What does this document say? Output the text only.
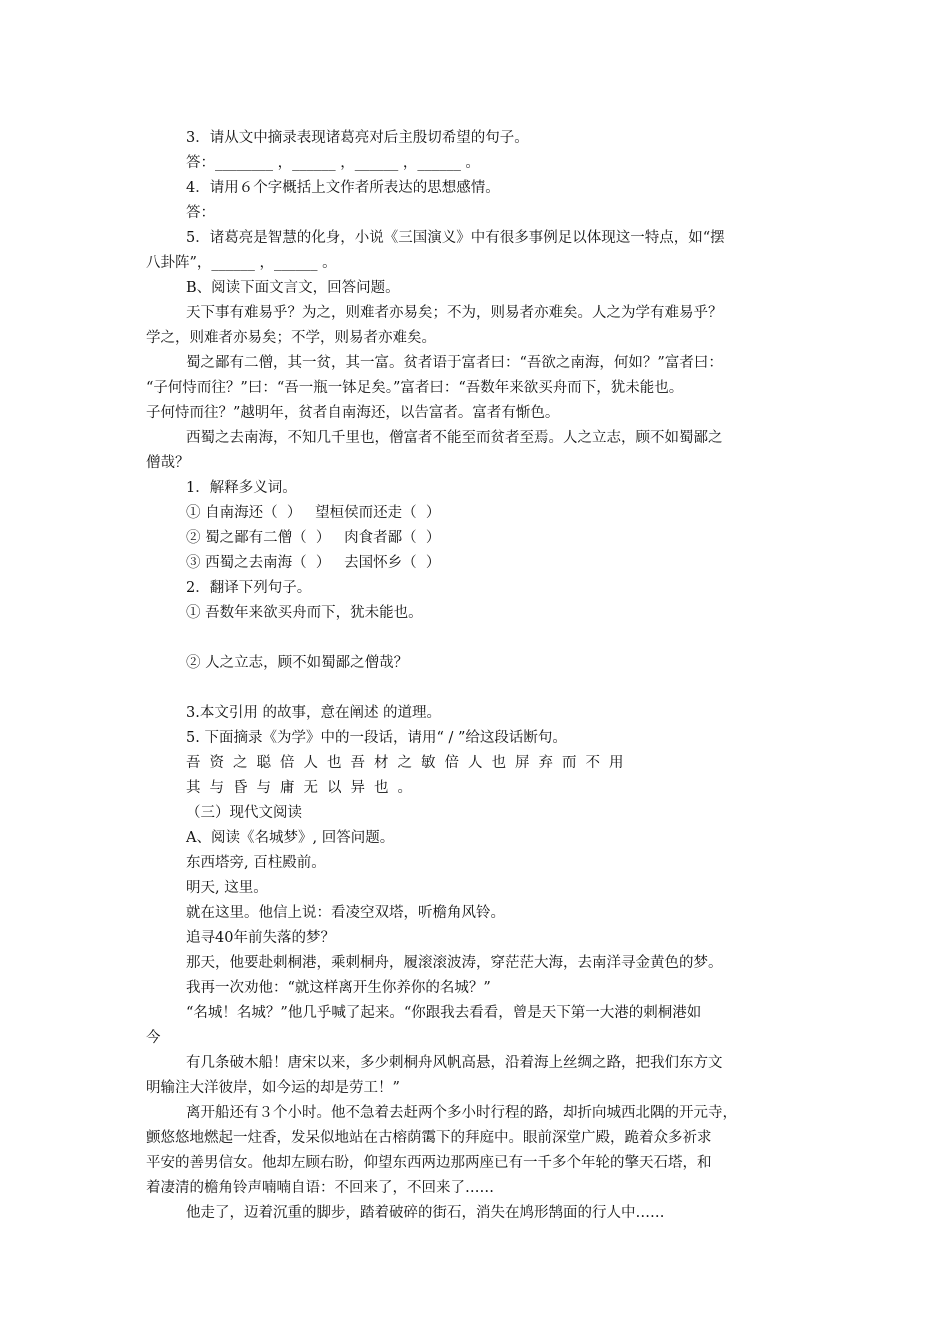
3．请从文中摘录表现诸葛亮对后主殷切希望的句子。
答：________ ，______ ，______ ，______ 。
4．请用６个字概括上文作者所表达的思想感情。
答：
5．诸葛亮是智慧的化身，小说《三国演义》中有很多事例足以体现这一特点，如“摆
八卦阵”，______ ，______ 。
B、阅读下面文言文，回答问题。
天下事有难易乎？为之，则难者亦易矣；不为，则易者亦难矣。人之为学有难易乎？
学之，则难者亦易矣；不学，则易者亦难矣。
蜀之鄙有二僧，其一贫，其一富。贫者语于富者曰：“吾欲之南海，何如？”富者曰：
“子何恃而往？”曰：“吾一瓶一钵足矣。”富者曰：“吾数年来欲买舟而下，犹未能也。
子何恃而往？”越明年，贫者自南海还，以告富者。富者有惭色。
西蜀之去南海，不知几千里也，僧富者不能至而贫者至焉。人之立志，顾不如蜀鄙之
僧哉？
1．解释多义词。
① 自南海还（  ）   望桓侯而还走（  ）
② 蜀之鄙有二僧（  ）   肉食者鄙（  ）
③ 西蜀之去南海（  ）   去国怀乡（  ）
2．翻译下列句子。
① 吾数年来欲买舟而下，犹未能也。
② 人之立志，顾不如蜀鄙之僧哉？
3.本文引用 的故事，意在阐述 的道理。
5. 下面摘录《为学》中的一段话，请用“ / ”给这段话断句。
吾资之聪倍人也吾材之敏倍人也屏弃而不用
其与昏与庸无以异也。
（三）现代文阅读
A、阅读《名城梦》, 回答问题。
东西塔旁, 百柱殿前。
明天, 这里。
就在这里。他信上说：看凌空双塔，听檐角风铃。
追寻40年前失落的梦？
那天，他要赴刺桐港，乘刺桐舟，履滚滚波涛，穿茫茫大海，去南洋寻金黄色的梦。
我再一次劝他：“就这样离开生你养你的名城？”
“名城！名城？”他几乎喊了起来。“你跟我去看看，曾是天下第一大港的刺桐港如
今
有几条破木船！唐宋以来，多少刺桐舟风帆高悬，沿着海上丝绸之路，把我们东方文
明输注大洋彼岸，如今运的却是劳工！”
离开船还有３个小时。他不急着去赶两个多小时行程的路，却折向城西北隅的开元寺，
颤悠悠地燃起一炷香，发呆似地站在古榕荫霭下的拜庭中。眼前深堂广殿，跪着众多祈求
平安的善男信女。他却左顾右盼，仰望东西两边那两座已有一千多个年轮的擎天石塔，和
着凄清的檐角铃声喃喃自语：不回来了，不回来了……
他走了，迈着沉重的脚步，踏着破碎的街石，消失在鸠形鹄面的行人中……
